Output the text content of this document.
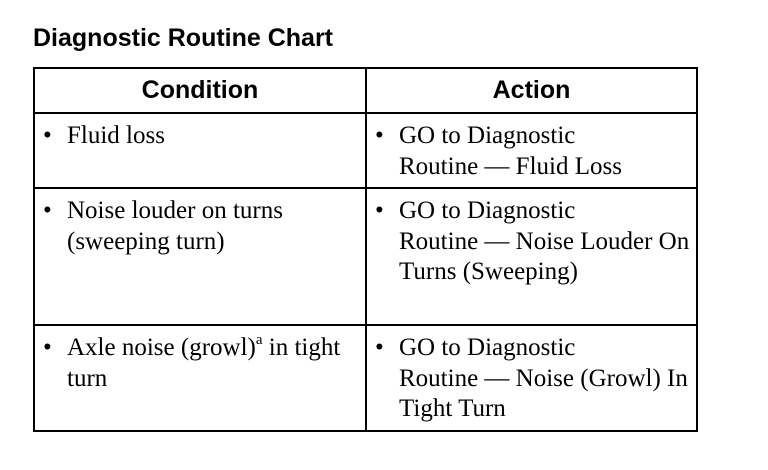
Diagnostic Routine Chart
Condition	Action

• Fluid loss	• GO to Diagnostic
Routine — Fluid Loss

• Noise louder on turns (sweeping turn)	• GO to Diagnostic
Routine — Noise Louder On Turns (Sweeping)

• Axle noise (growl)$^a$ in tight turn	• GO to Diagnostic
Routine — Noise (Growl) In Tight Turn
